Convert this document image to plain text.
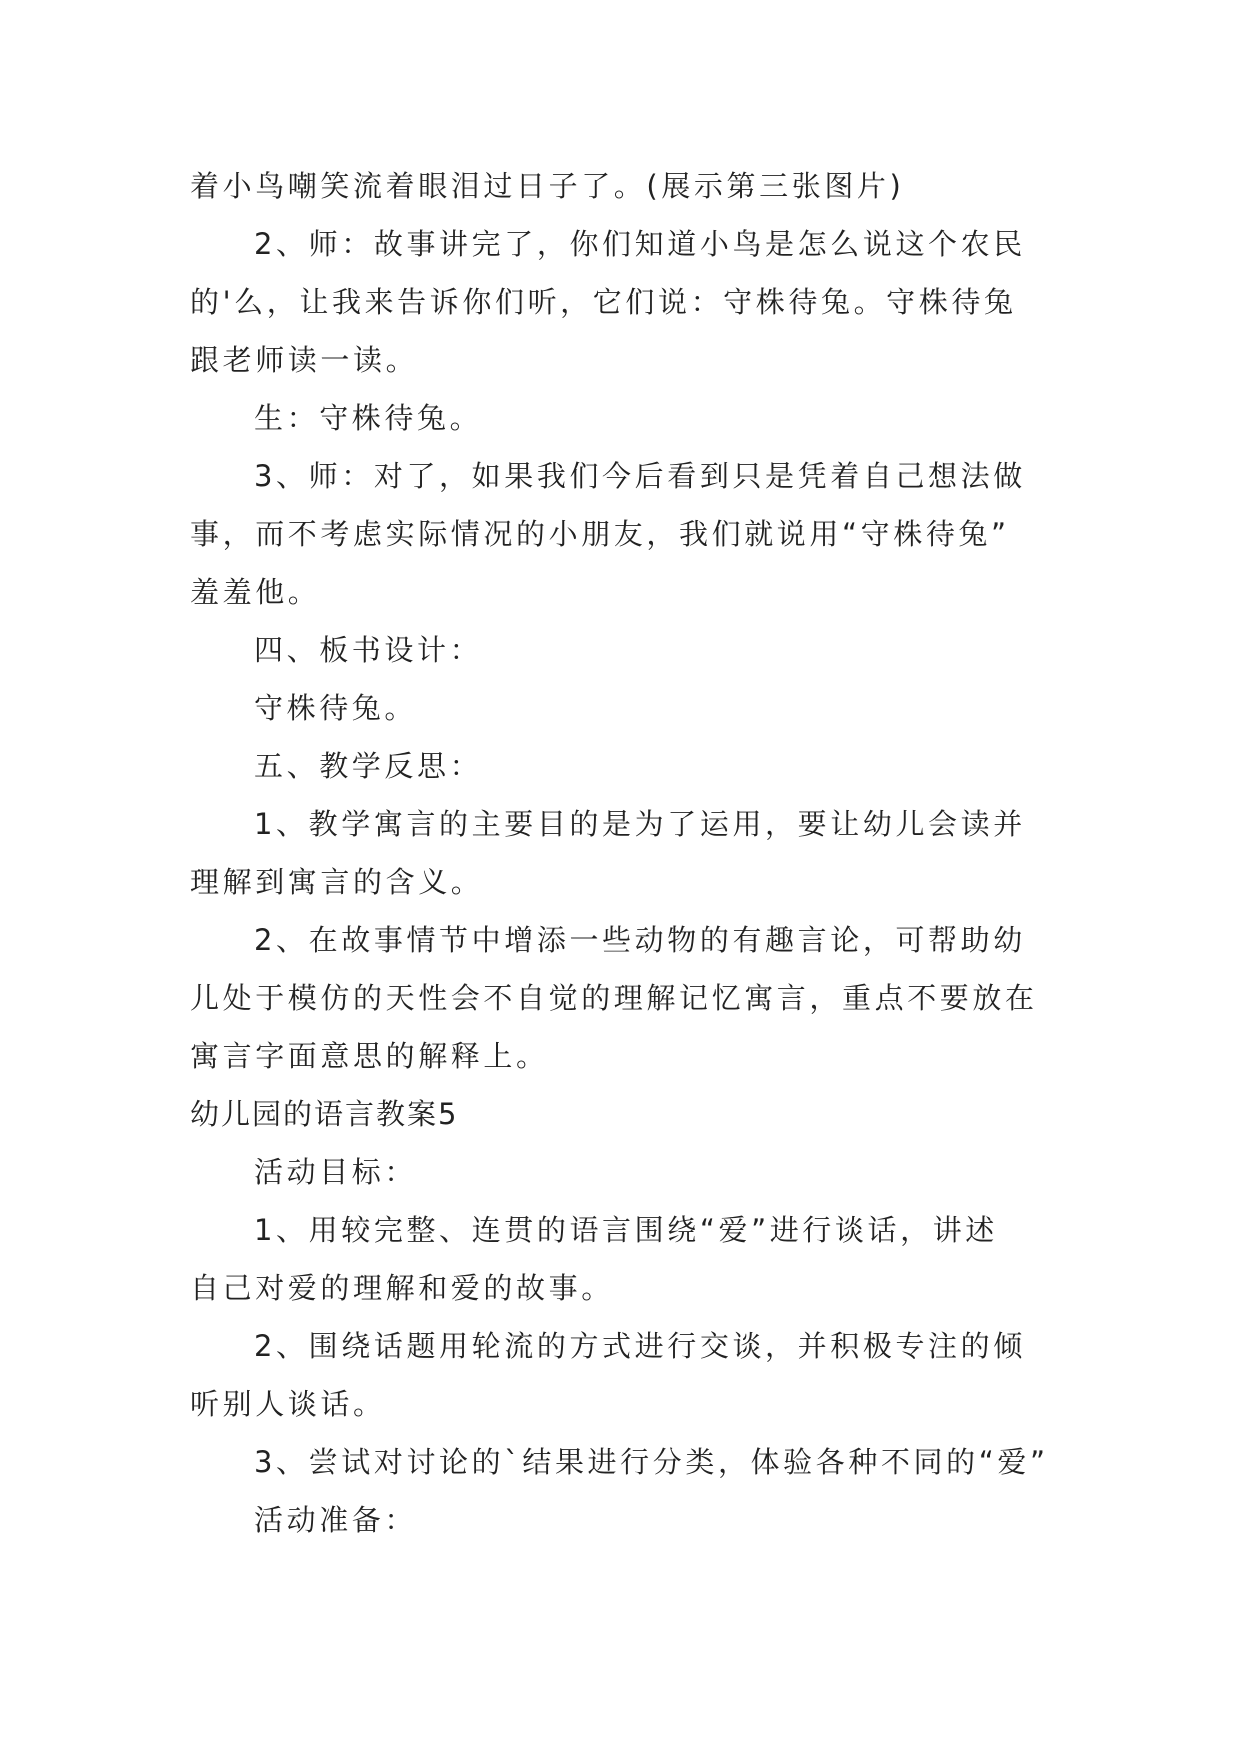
着小鸟嘲笑流着眼泪过日子了。(展示第三张图片)

2、师：故事讲完了，你们知道小鸟是怎么说这个农民

的'么，让我来告诉你们听，它们说：守株待兔。守株待兔

跟老师读一读。

生：守株待兔。

3、师：对了，如果我们今后看到只是凭着自己想法做

事，而不考虑实际情况的小朋友，我们就说用“守株待兔”

羞羞他。

四、板书设计：

守株待兔。

五、教学反思：

1、教学寓言的主要目的是为了运用，要让幼儿会读并

理解到寓言的含义。

2、在故事情节中增添一些动物的有趣言论，可帮助幼

儿处于模仿的天性会不自觉的理解记忆寓言，重点不要放在

寓言字面意思的解释上。

幼儿园的语言教案5

活动目标：

1、用较完整、连贯的语言围绕“爱”进行谈话，讲述

自己对爱的理解和爱的故事。

2、围绕话题用轮流的方式进行交谈，并积极专注的倾

听别人谈话。

3、尝试对讨论的`结果进行分类，体验各种不同的“爱”

活动准备：
